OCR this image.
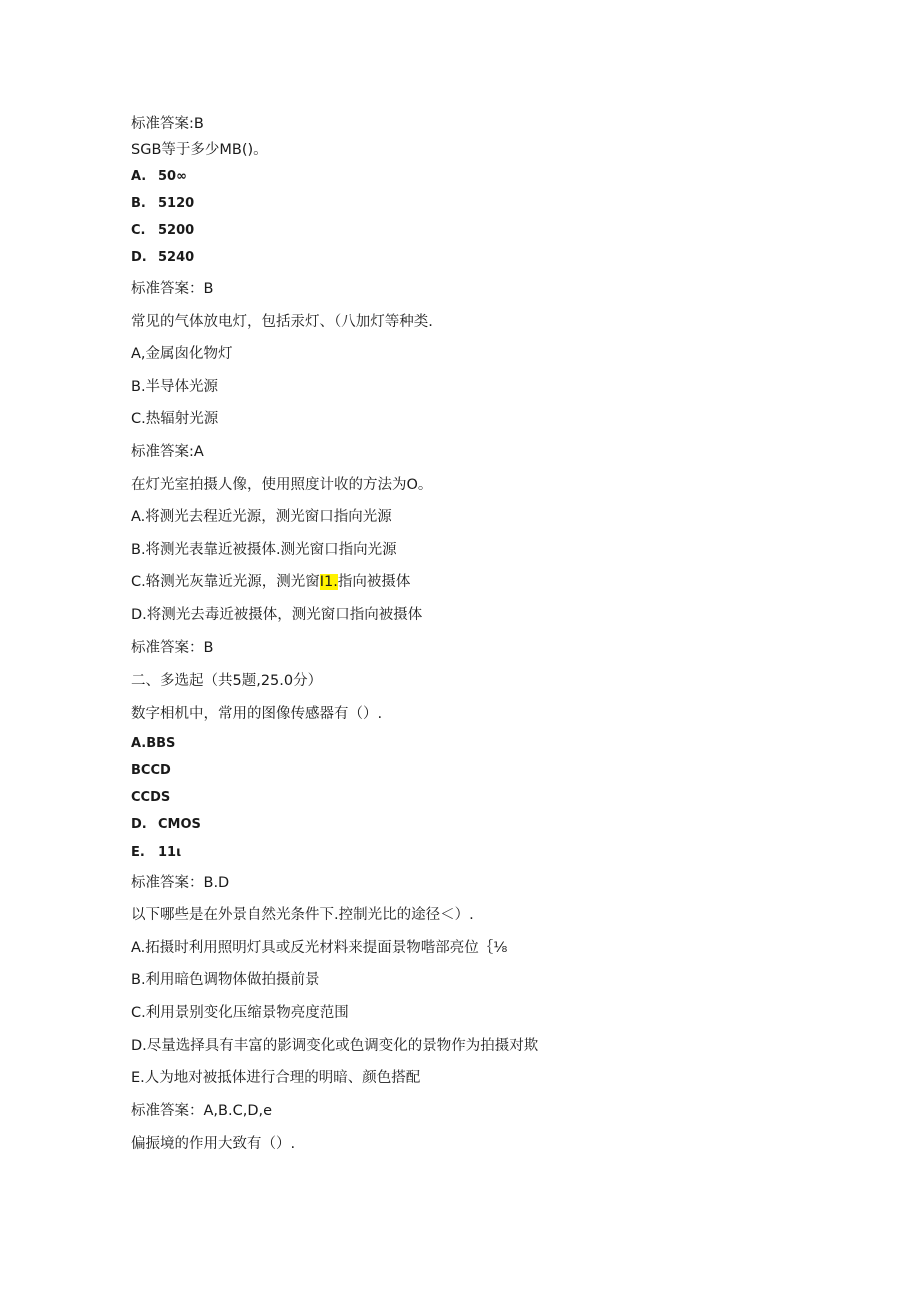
标准答案:B
SGB等于多少MB()。
A. 50∞
B. 5120
C. 5200
D. 5240
标准答案：B
常见的气体放电灯，包括汞灯、（八加灯等种类.
A,金属囱化物灯
B.半导体光源
C.热辐射光源
标准答案:A
在灯光室拍摄人像，使用照度计收的方法为O。
A.将测光去程近光源，测光窗口指向光源
B.将测光表靠近被摄体.测光窗口指向光源
C.辂测光灰靠近光源，测光窗I1.指向被摄体
D.将测光去毒近被摄体，测光窗口指向被摄体
标准答案：B
二、多选起（共5题,25.0分）
数字相机中，常用的图像传感器有（）.
A.BBS
BCCD
CCDS
D. CMOS
E. 11ι
标准答案：B.D
以下哪些是在外景自然光条件下.控制光比的途径＜）.
A.拓摄时利用照明灯具或反光材料来提面景物喈部亮位｛⅛
B.利用暗色调物体做拍摄前景
C.利用景别变化压缩景物亮度范围
D.尽量选择具有丰富的影调变化或色调变化的景物作为拍摄对欺
E.人为地对被抵体进行合理的明暗、颜色搭配
标准答案：A,B.C,D,e
偏振境的作用大致有（）.
